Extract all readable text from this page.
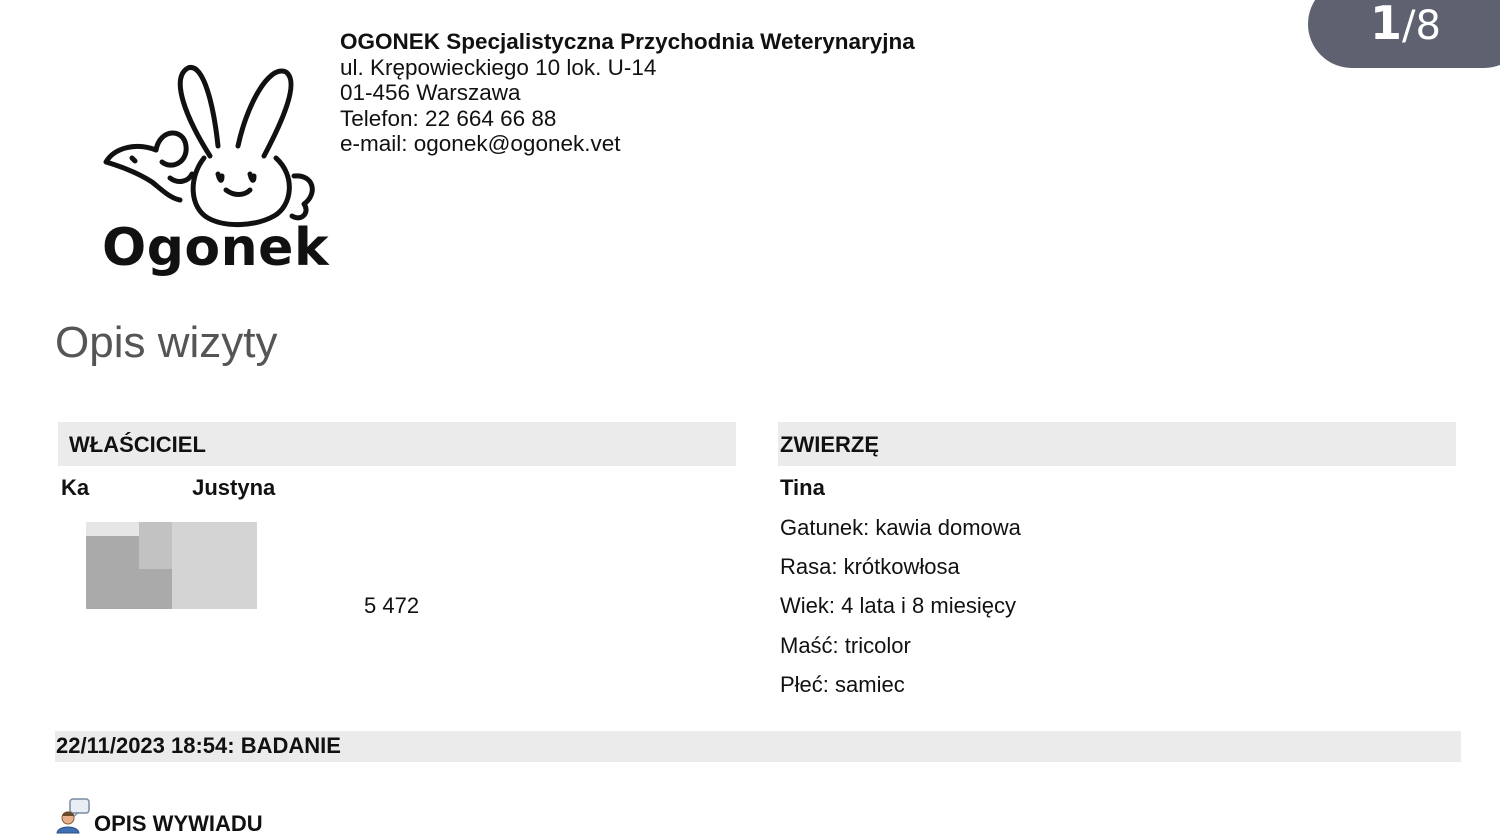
1/8
Ogonek
OGONEK Specjalistyczna Przychodnia Weterynaryjna
ul. Krępowieckiego 10 lok. U-14
01-456 Warszawa
Telefon: 22 664 66 88
e-mail: ogonek@ogonek.vet
Opis wizyty
WŁAŚCICIEL
Ka	Justyna
5 472
ZWIERZĘ
Tina
Gatunek: kawia domowa
Rasa: krótkowłosa
Wiek: 4 lata i 8 miesięcy
Maść: tricolor
Płeć: samiec
22/11/2023 18:54: BADANIE
OPIS WYWIADU
